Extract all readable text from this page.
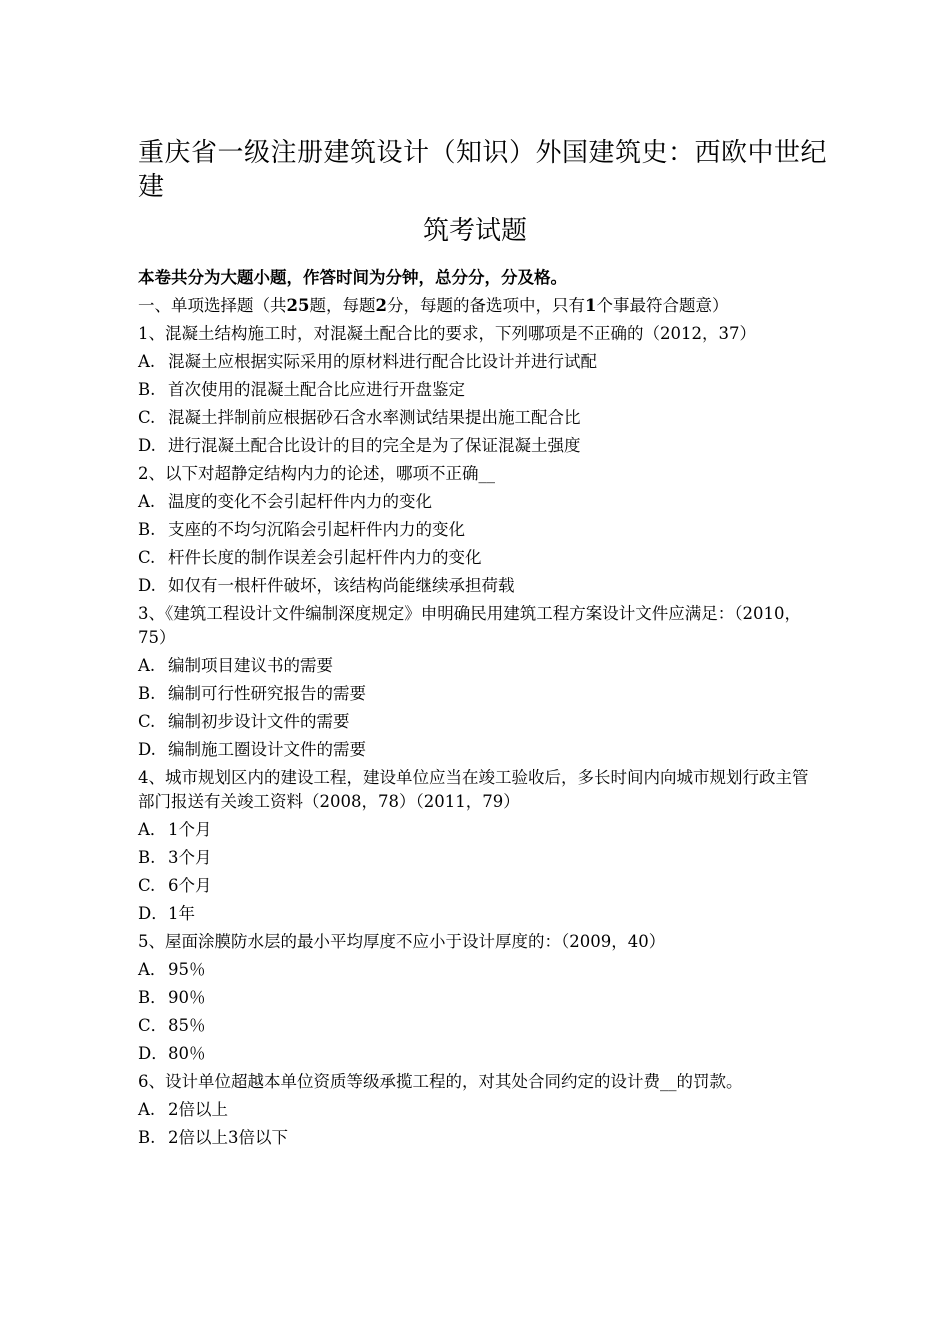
重庆省一级注册建筑设计（知识）外国建筑史：西欧中世纪建
筑考试题
本卷共分为大题小题，作答时间为分钟，总分分，分及格。
一、单项选择题（共25题，每题2分，每题的备选项中，只有1个事最符合题意）
1、混凝土结构施工时，对混凝土配合比的要求，下列哪项是不正确的（2012，37）
A. 混凝土应根据实际采用的原材料进行配合比设计并进行试配
B. 首次使用的混凝土配合比应进行开盘鉴定
C. 混凝土拌制前应根据砂石含水率测试结果提出施工配合比
D. 进行混凝土配合比设计的目的完全是为了保证混凝土强度
2、以下对超静定结构内力的论述，哪项不正确__
A. 温度的变化不会引起杆件内力的变化
B. 支座的不均匀沉陷会引起杆件内力的变化
C. 杆件长度的制作误差会引起杆件内力的变化
D. 如仅有一根杆件破坏，该结构尚能继续承担荷载
3、《建筑工程设计文件编制深度规定》申明确民用建筑工程方案设计文件应满足：（2010，75）
A. 编制项目建议书的需要
B. 编制可行性研究报告的需要
C. 编制初步设计文件的需要
D. 编制施工圈设计文件的需要
4、城市规划区内的建设工程，建设单位应当在竣工验收后，多长时间内向城市规划行政主管部门报送有关竣工资料（2008，78）（2011，79）
A．1个月
B. 3个月
C. 6个月
D．1年
5、屋面涂膜防水层的最小平均厚度不应小于设计厚度的：（2009，40）
A．95％
B．90％
C．85％
D．80％
6、设计单位超越本单位资质等级承揽工程的，对其处合同约定的设计费__的罚款。
A. 2倍以上
B. 2倍以上3倍以下
